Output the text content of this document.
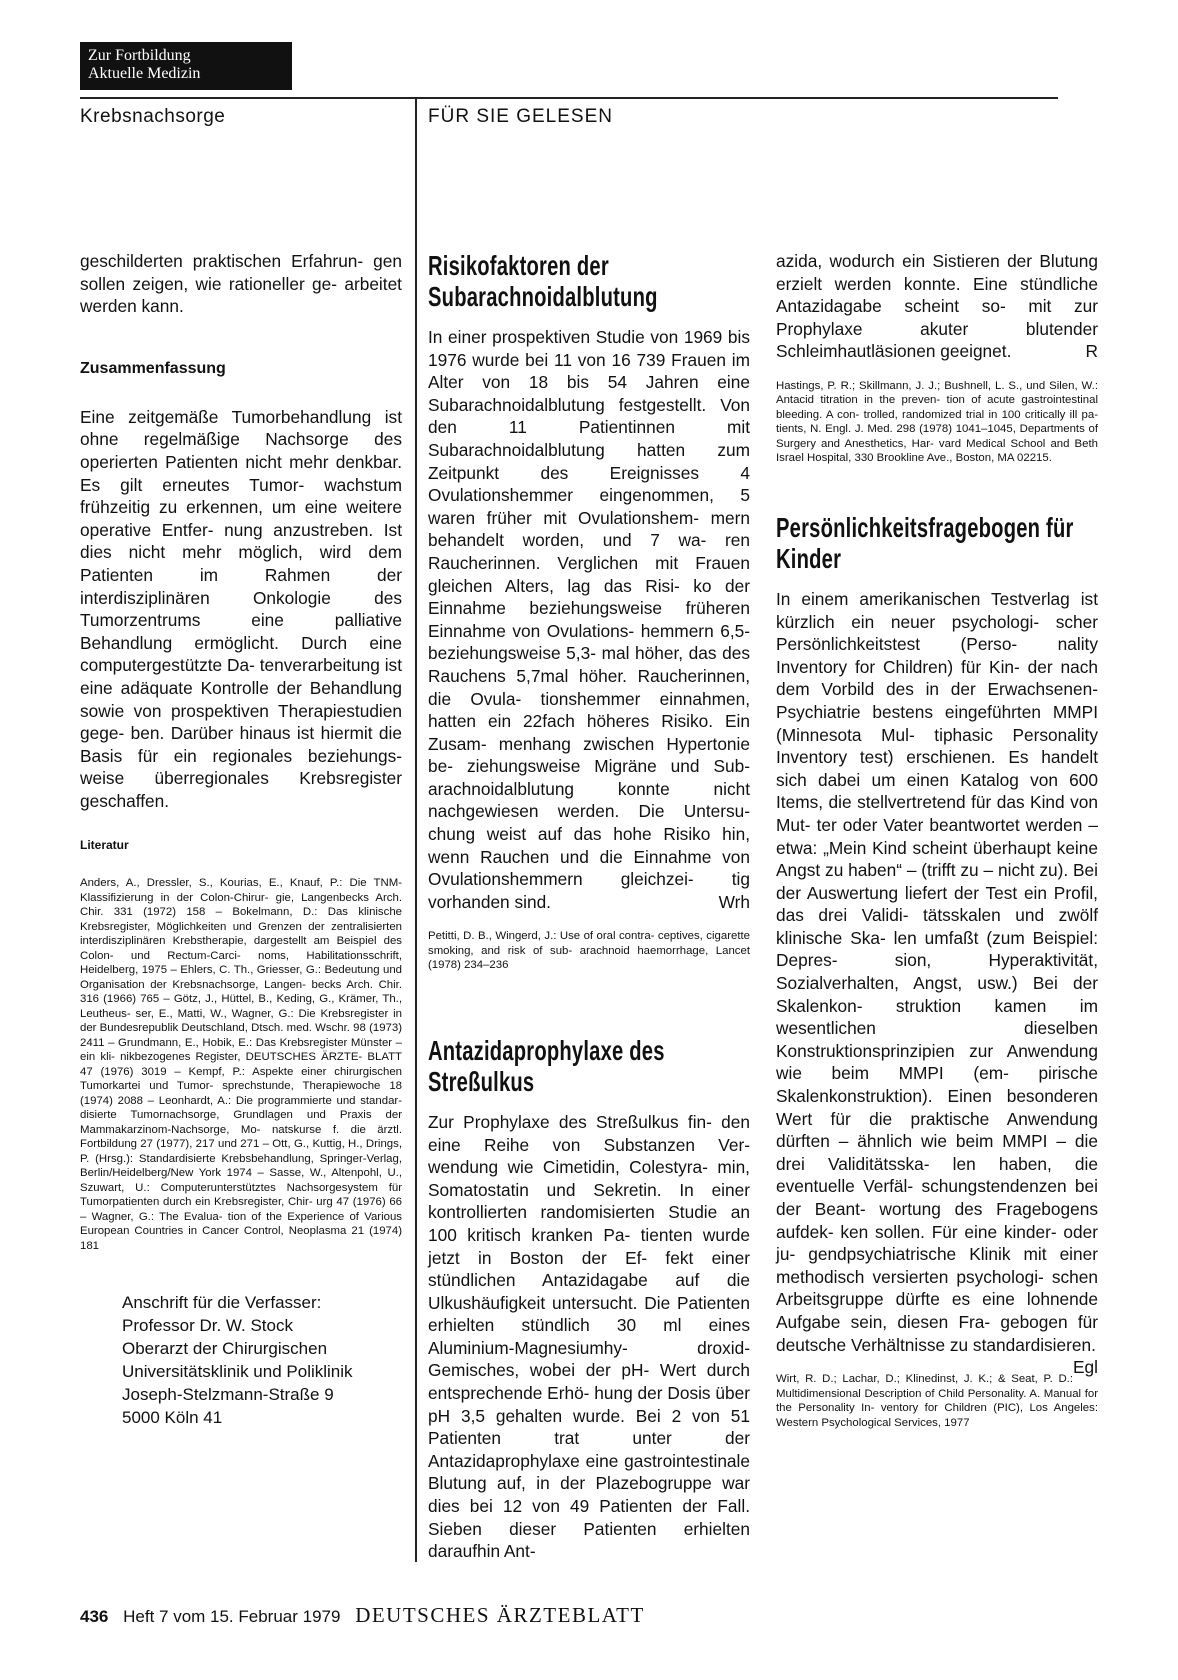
Zur Fortbildung
Aktuelle Medizin
Krebsnachsorge	FÜR SIE GELESEN

geschilderten praktischen Erfahrun- gen sollen zeigen, wie rationeller ge- arbeitet werden kann.

Zusammenfassung

Eine zeitgemäße Tumorbehandlung ist ohne regelmäßige Nachsorge des operierten Patienten nicht mehr denkbar. Es gilt erneutes Tumor- wachstum frühzeitig zu erkennen, um eine weitere operative Entfer- nung anzustreben. Ist dies nicht mehr möglich, wird dem Patienten im Rahmen der interdisziplinären Onkologie des Tumorzentrums eine palliative Behandlung ermöglicht. Durch eine computergestützte Da- tenverarbeitung ist eine adäquate Kontrolle der Behandlung sowie von prospektiven Therapiestudien gege- ben. Darüber hinaus ist hiermit die Basis für ein regionales beziehungs- weise überregionales Krebsregister geschaffen.

Literatur

Anders, A., Dressler, S., Kourias, E., Knauf, P.: Die TNM-Klassifizierung in der Colon-Chirur- gie, Langenbecks Arch. Chir. 331 (1972) 158 – Bokelmann, D.: Das klinische Krebsregister, Möglichkeiten und Grenzen der zentralisierten interdisziplinären Krebstherapie, dargestellt am Beispiel des Colon- und Rectum-Carci- noms, Habilitationsschrift, Heidelberg, 1975 – Ehlers, C. Th., Griesser, G.: Bedeutung und Organisation der Krebsnachsorge, Langen- becks Arch. Chir. 316 (1966) 765 – Götz, J., Hüttel, B., Keding, G., Krämer, Th., Leutheus- ser, E., Matti, W., Wagner, G.: Die Krebsregister in der Bundesrepublik Deutschland, Dtsch. med. Wschr. 98 (1973) 2411 – Grundmann, E., Hobik, E.: Das Krebsregister Münster – ein kli- nikbezogenes Register, DEUTSCHES ÄRZTE- BLATT 47 (1976) 3019 – Kempf, P.: Aspekte einer chirurgischen Tumorkartei und Tumor- sprechstunde, Therapiewoche 18 (1974) 2088 – Leonhardt, A.: Die programmierte und standar- disierte Tumornachsorge, Grundlagen und Praxis der Mammakarzinom-Nachsorge, Mo- natskurse f. die ärztl. Fortbildung 27 (1977), 217 und 271 – Ott, G., Kuttig, H., Drings, P. (Hrsg.): Standardisierte Krebsbehandlung, Springer-Verlag, Berlin/Heidelberg/New York 1974 – Sasse, W., Altenpohl, U., Szuwart, U.: Computerunterstütztes Nachsorgesystem für Tumorpatienten durch ein Krebsregister, Chir- urg 47 (1976) 66 – Wagner, G.: The Evalua- tion of the Experience of Various European Countries in Cancer Control, Neoplasma 21 (1974) 181

Anschrift für die Verfasser:
Professor Dr. W. Stock
Oberarzt der Chirurgischen
Universitätsklinik und Poliklinik
Joseph-Stelzmann-Straße 9
5000 Köln 41
Risikofaktoren der Subarachnoidalblutung

In einer prospektiven Studie von 1969 bis 1976 wurde bei 11 von 16 739 Frauen im Alter von 18 bis 54 Jahren eine Subarachnoidalblutung festgestellt. Von den 11 Patientinnen mit Subarachnoidalblutung hatten zum Zeitpunkt des Ereignisses 4 Ovulationshemmer eingenommen, 5 waren früher mit Ovulationshem- mern behandelt worden, und 7 wa- ren Raucherinnen. Verglichen mit Frauen gleichen Alters, lag das Risi- ko der Einnahme beziehungsweise früheren Einnahme von Ovulations- hemmern 6,5- beziehungsweise 5,3- mal höher, das des Rauchens 5,7mal höher. Raucherinnen, die Ovula- tionshemmer einnahmen, hatten ein 22fach höheres Risiko. Ein Zusam- menhang zwischen Hypertonie be- ziehungsweise Migräne und Sub- arachnoidalblutung konnte nicht nachgewiesen werden. Die Untersu- chung weist auf das hohe Risiko hin, wenn Rauchen und die Einnahme von Ovulationshemmern gleichzei- tig vorhanden sind.	Wrh

Petitti, D. B., Wingerd, J.: Use of oral contra- ceptives, cigarette smoking, and risk of sub- arachnoid haemorrhage, Lancet (1978) 234–236

Antazidaprophylaxe des Streßulkus

Zur Prophylaxe des Streßulkus fin- den eine Reihe von Substanzen Ver- wendung wie Cimetidin, Colestyra- min, Somatostatin und Sekretin. In einer kontrollierten randomisierten Studie an 100 kritisch kranken Pa- tienten wurde jetzt in Boston der Ef- fekt einer stündlichen Antazidagabe auf die Ulkushäufigkeit untersucht. Die Patienten erhielten stündlich 30 ml eines Aluminium-Magnesiumhy- droxid-Gemisches, wobei der pH- Wert durch entsprechende Erhö- hung der Dosis über pH 3,5 gehalten wurde. Bei 2 von 51 Patienten trat unter der Antazidaprophylaxe eine gastrointestinale Blutung auf, in der Plazebogruppe war dies bei 12 von 49 Patienten der Fall. Sieben dieser Patienten erhielten daraufhin Ant-

azida, wodurch ein Sistieren der Blutung erzielt werden konnte. Eine stündliche Antazidagabe scheint so- mit zur Prophylaxe akuter blutender Schleimhautläsionen geeignet.	R

Hastings, P. R.; Skillmann, J. J.; Bushnell, L. S., und Silen, W.: Antacid titration in the preven- tion of acute gastrointestinal bleeding. A con- trolled, randomized trial in 100 critically ill pa- tients, N. Engl. J. Med. 298 (1978) 1041–1045, Departments of Surgery and Anesthetics, Har- vard Medical School and Beth Israel Hospital, 330 Brookline Ave., Boston, MA 02215.

Persönlichkeitsfragebogen für Kinder

In einem amerikanischen Testverlag ist kürzlich ein neuer psychologi- scher Persönlichkeitstest (Perso- nality Inventory for Children) für Kin- der nach dem Vorbild des in der Erwachsenen-Psychiatrie bestens eingeführten MMPI (Minnesota Mul- tiphasic Personality Inventory test) erschienen. Es handelt sich dabei um einen Katalog von 600 Items, die stellvertretend für das Kind von Mut- ter oder Vater beantwortet werden – etwa: „Mein Kind scheint überhaupt keine Angst zu haben“ – (trifft zu – nicht zu). Bei der Auswertung liefert der Test ein Profil, das drei Validi- tätsskalen und zwölf klinische Ska- len umfaßt (zum Beispiel: Depres- sion, Hyperaktivität, Sozialverhalten, Angst, usw.) Bei der Skalenkon- struktion kamen im wesentlichen dieselben Konstruktionsprinzipien zur Anwendung wie beim MMPI (em- pirische Skalenkonstruktion). Einen besonderen Wert für die praktische Anwendung dürften – ähnlich wie beim MMPI – die drei Validitätsska- len haben, die eventuelle Verfäl- schungstendenzen bei der Beant- wortung des Fragebogens aufdek- ken sollen. Für eine kinder- oder ju- gendpsychiatrische Klinik mit einer methodisch versierten psychologi- schen Arbeitsgruppe dürfte es eine lohnende Aufgabe sein, diesen Fra- gebogen für deutsche Verhältnisse zu standardisieren.
Egl

Wirt, R. D.; Lachar, D.; Klinedinst, J. K.; & Seat, P. D.: Multidimensional Description of Child Personality. A. Manual for the Personality In- ventory for Children (PIC), Los Angeles: Western Psychological Services, 1977

436 Heft 7 vom 15. Februar 1979 DEUTSCHES ÄRZTEBLATT
